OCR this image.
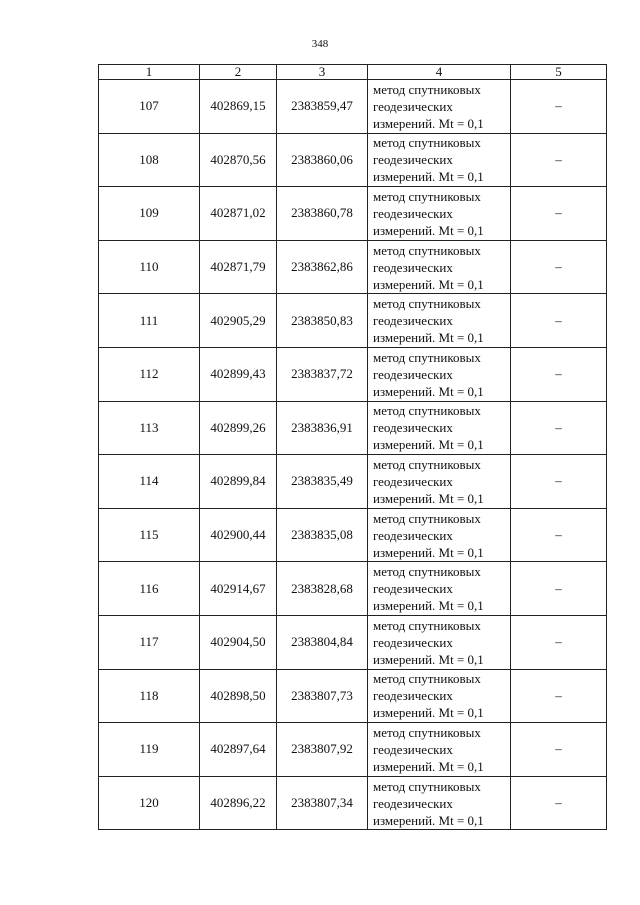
348
1	2	3	4	5
107	402869,15	2383859,47	метод спутниковых
геодезических
измерений. Mt = 0,1	–
108	402870,56	2383860,06	метод спутниковых
геодезических
измерений. Mt = 0,1	–
109	402871,02	2383860,78	метод спутниковых
геодезических
измерений. Mt = 0,1	–
110	402871,79	2383862,86	метод спутниковых
геодезических
измерений. Mt = 0,1	–
111	402905,29	2383850,83	метод спутниковых
геодезических
измерений. Mt = 0,1	–
112	402899,43	2383837,72	метод спутниковых
геодезических
измерений. Mt = 0,1	–
113	402899,26	2383836,91	метод спутниковых
геодезических
измерений. Mt = 0,1	–
114	402899,84	2383835,49	метод спутниковых
геодезических
измерений. Mt = 0,1	–
115	402900,44	2383835,08	метод спутниковых
геодезических
измерений. Mt = 0,1	–
116	402914,67	2383828,68	метод спутниковых
геодезических
измерений. Mt = 0,1	–
117	402904,50	2383804,84	метод спутниковых
геодезических
измерений. Mt = 0,1	–
118	402898,50	2383807,73	метод спутниковых
геодезических
измерений. Mt = 0,1	–
119	402897,64	2383807,92	метод спутниковых
геодезических
измерений. Mt = 0,1	–
120	402896,22	2383807,34	метод спутниковых
геодезических
измерений. Mt = 0,1	–
